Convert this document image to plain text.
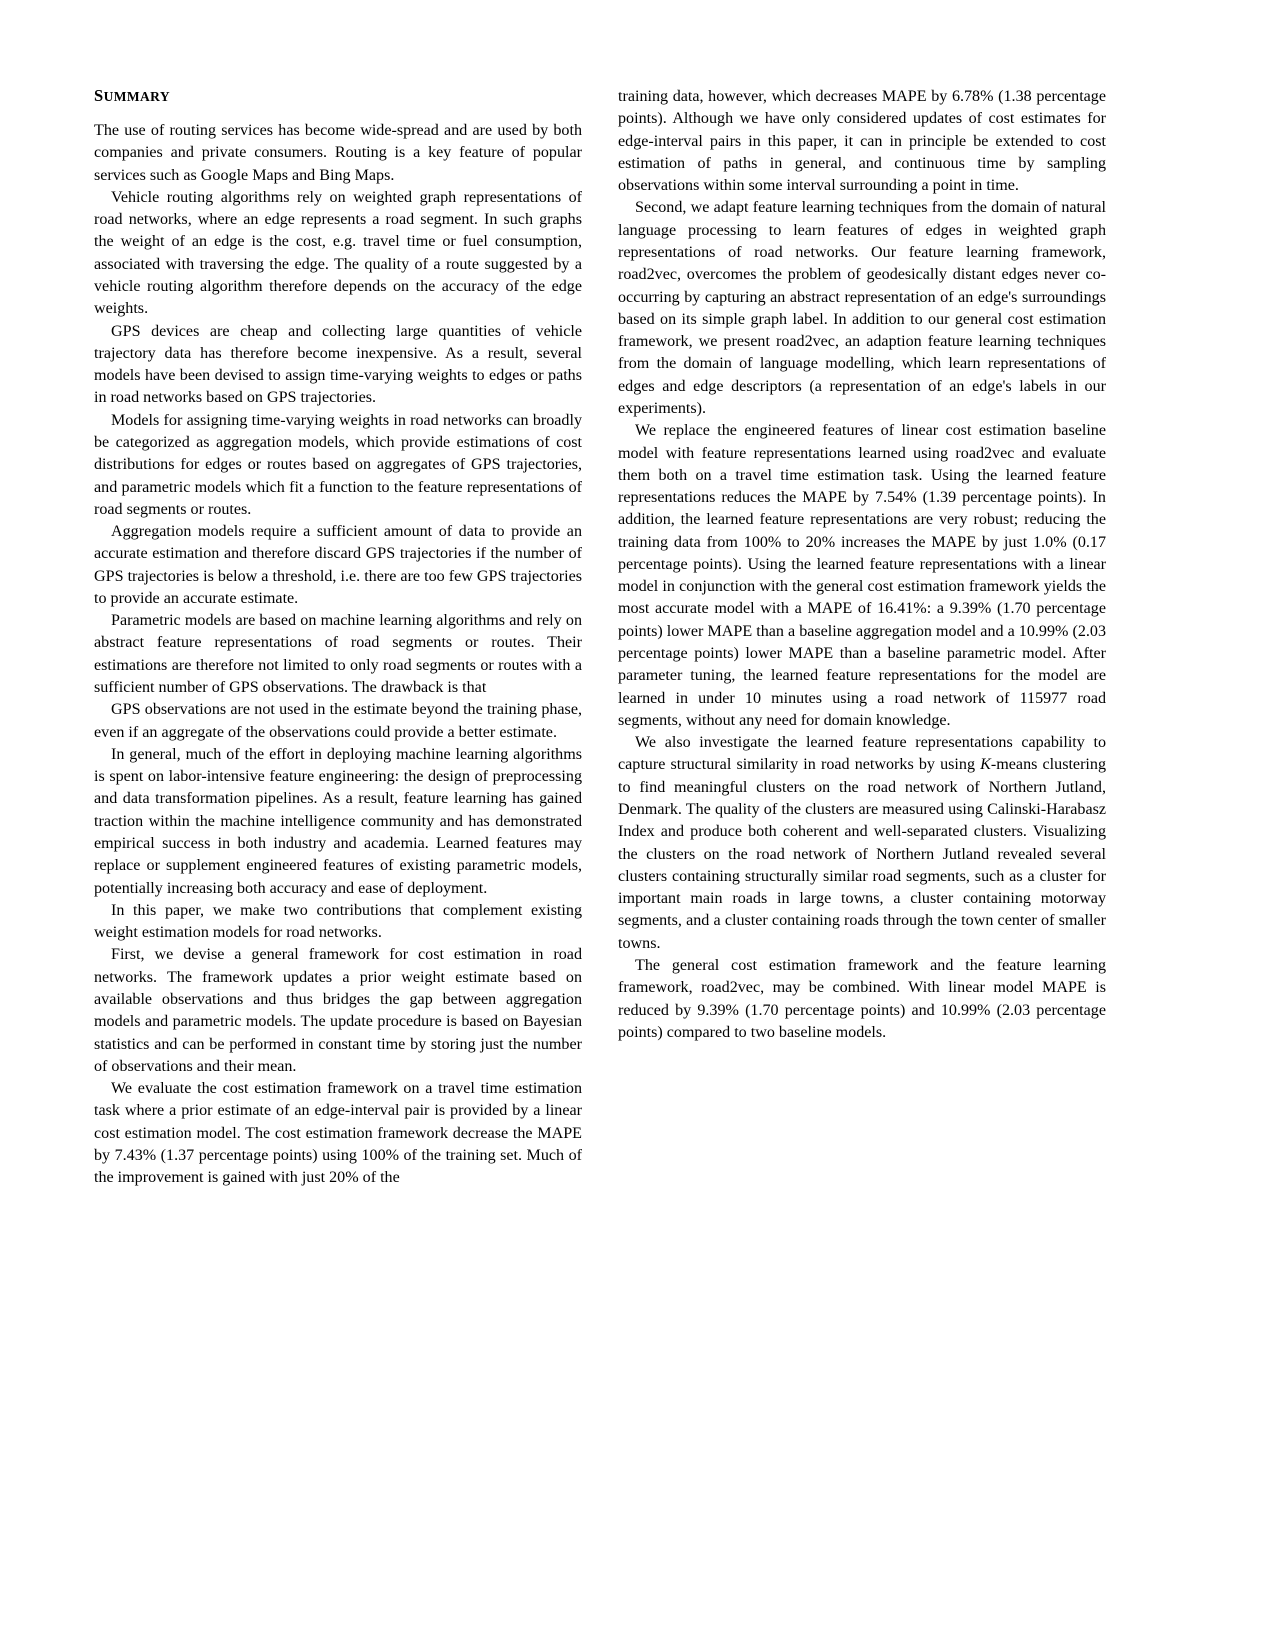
SUMMARY

The use of routing services has become wide-spread and are used by both companies and private consumers. Routing is a key feature of popular services such as Google Maps and Bing Maps.

Vehicle routing algorithms rely on weighted graph representations of road networks, where an edge represents a road segment. In such graphs the weight of an edge is the cost, e.g. travel time or fuel consumption, associated with traversing the edge. The quality of a route suggested by a vehicle routing algorithm therefore depends on the accuracy of the edge weights.

GPS devices are cheap and collecting large quantities of vehicle trajectory data has therefore become inexpensive. As a result, several models have been devised to assign time-varying weights to edges or paths in road networks based on GPS trajectories.

Models for assigning time-varying weights in road networks can broadly be categorized as aggregation models, which provide estimations of cost distributions for edges or routes based on aggregates of GPS trajectories, and parametric models which fit a function to the feature representations of road segments or routes.

Aggregation models require a sufficient amount of data to provide an accurate estimation and therefore discard GPS trajectories if the number of GPS trajectories is below a threshold, i.e. there are too few GPS trajectories to provide an accurate estimate.

Parametric models are based on machine learning algorithms and rely on abstract feature representations of road segments or routes. Their estimations are therefore not limited to only road segments or routes with a sufficient number of GPS observations. The drawback is that

GPS observations are not used in the estimate beyond the training phase, even if an aggregate of the observations could provide a better estimate.

In general, much of the effort in deploying machine learning algorithms is spent on labor-intensive feature engineering: the design of preprocessing and data transformation pipelines. As a result, feature learning has gained traction within the machine intelligence community and has demonstrated empirical success in both industry and academia. Learned features may replace or supplement engineered features of existing parametric models, potentially increasing both accuracy and ease of deployment.

In this paper, we make two contributions that complement existing weight estimation models for road networks.

First, we devise a general framework for cost estimation in road networks. The framework updates a prior weight estimate based on available observations and thus bridges the gap between aggregation models and parametric models. The update procedure is based on Bayesian statistics and can be performed in constant time by storing just the number of observations and their mean.

We evaluate the cost estimation framework on a travel time estimation task where a prior estimate of an edge-interval pair is provided by a linear cost estimation model. The cost estimation framework decrease the MAPE by 7.43% (1.37 percentage points) using 100% of the training set. Much of the improvement is gained with just 20% of the

training data, however, which decreases MAPE by 6.78% (1.38 percentage points). Although we have only considered updates of cost estimates for edge-interval pairs in this paper, it can in principle be extended to cost estimation of paths in general, and continuous time by sampling observations within some interval surrounding a point in time.

Second, we adapt feature learning techniques from the domain of natural language processing to learn features of edges in weighted graph representations of road networks. Our feature learning framework, road2vec, overcomes the problem of geodesically distant edges never co-occurring by capturing an abstract representation of an edge's surroundings based on its simple graph label. In addition to our general cost estimation framework, we present road2vec, an adaption feature learning techniques from the domain of language modelling, which learn representations of edges and edge descriptors (a representation of an edge's labels in our experiments).

We replace the engineered features of linear cost estimation baseline model with feature representations learned using road2vec and evaluate them both on a travel time estimation task. Using the learned feature representations reduces the MAPE by 7.54% (1.39 percentage points). In addition, the learned feature representations are very robust; reducing the training data from 100% to 20% increases the MAPE by just 1.0% (0.17 percentage points). Using the learned feature representations with a linear model in conjunction with the general cost estimation framework yields the most accurate model with a MAPE of 16.41%: a 9.39% (1.70 percentage points) lower MAPE than a baseline aggregation model and a 10.99% (2.03 percentage points) lower MAPE than a baseline parametric model. After parameter tuning, the learned feature representations for the model are learned in under 10 minutes using a road network of 115977 road segments, without any need for domain knowledge.

We also investigate the learned feature representations capability to capture structural similarity in road networks by using K-means clustering to find meaningful clusters on the road network of Northern Jutland, Denmark. The quality of the clusters are measured using Calinski-Harabasz Index and produce both coherent and well-separated clusters. Visualizing the clusters on the road network of Northern Jutland revealed several clusters containing structurally similar road segments, such as a cluster for important main roads in large towns, a cluster containing motorway segments, and a cluster containing roads through the town center of smaller towns.

The general cost estimation framework and the feature learning framework, road2vec, may be combined. With linear model MAPE is reduced by 9.39% (1.70 percentage points) and 10.99% (2.03 percentage points) compared to two baseline models.
